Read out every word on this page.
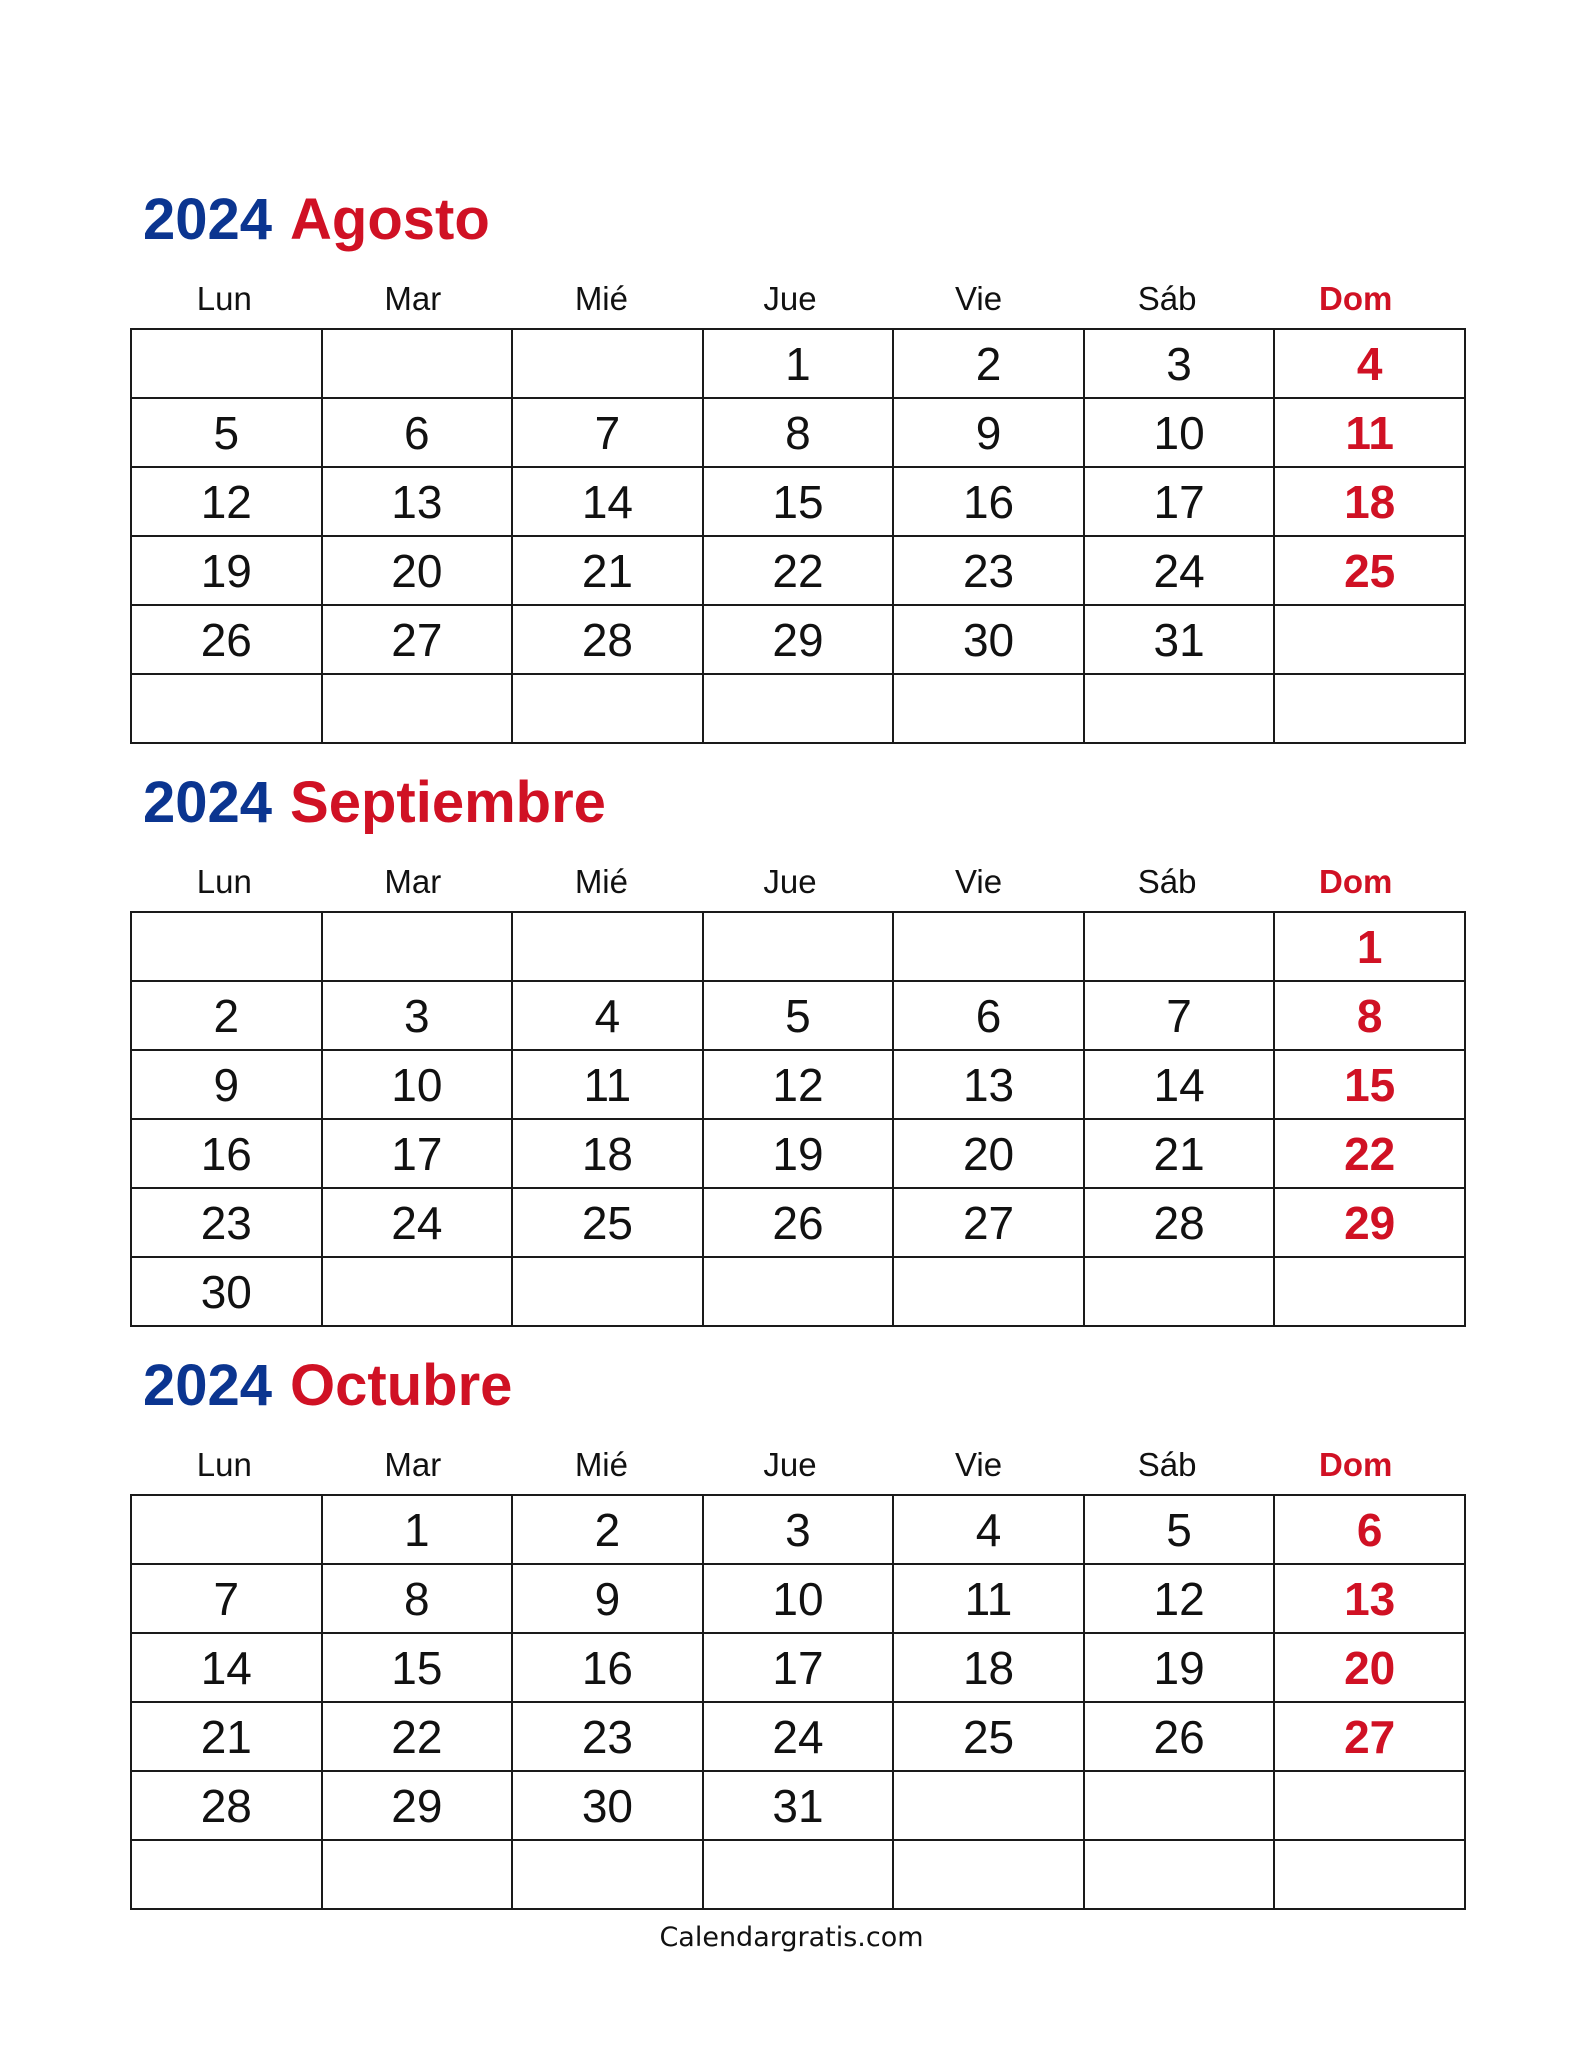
2024 Agosto
Lun	Mar	Mié	Jue	Vie	Sáb	Dom
			1	2	3	4
5	6	7	8	9	10	11
12	13	14	15	16	17	18
19	20	21	22	23	24	25
26	27	28	29	30	31	

2024 Septiembre
Lun	Mar	Mié	Jue	Vie	Sáb	Dom
						1
2	3	4	5	6	7	8
9	10	11	12	13	14	15
16	17	18	19	20	21	22
23	24	25	26	27	28	29
30						
2024 Octubre
Lun	Mar	Mié	Jue	Vie	Sáb	Dom
	1	2	3	4	5	6
7	8	9	10	11	12	13
14	15	16	17	18	19	20
21	22	23	24	25	26	27
28	29	30	31			

Calendargratis.com
